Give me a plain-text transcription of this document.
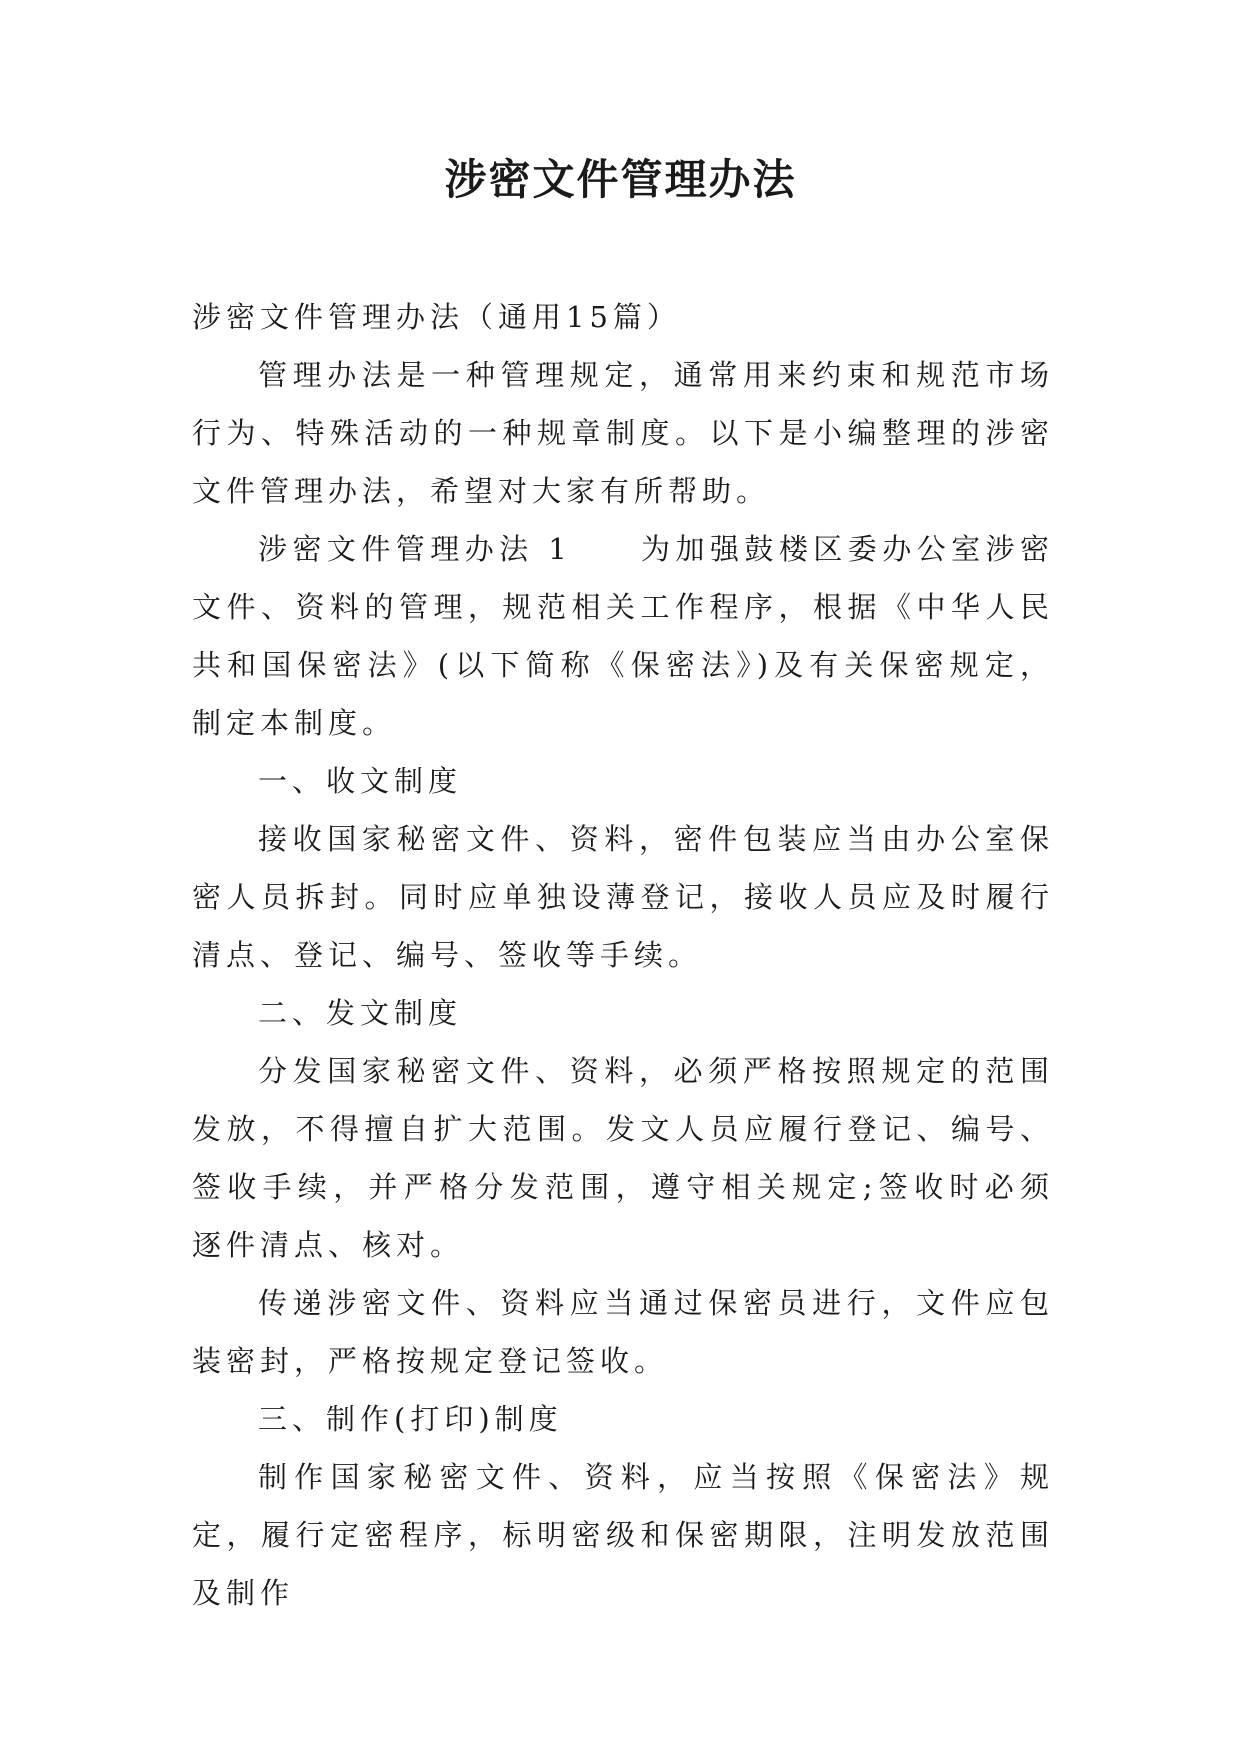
涉密文件管理办法

涉密文件管理办法（通用15篇）

管理办法是一种管理规定，通常用来约束和规范市场行为、特殊活动的一种规章制度。以下是小编整理的涉密文件管理办法，希望对大家有所帮助。

涉密文件管理办法 1　　为加强鼓楼区委办公室涉密文件、资料的管理，规范相关工作程序，根据《中华人民共和国保密法》(以下简称《保密法》)及有关保密规定，制定本制度。

一、收文制度

接收国家秘密文件、资料，密件包装应当由办公室保密人员拆封。同时应单独设薄登记，接收人员应及时履行清点、登记、编号、签收等手续。

二、发文制度

分发国家秘密文件、资料，必须严格按照规定的范围发放，不得擅自扩大范围。发文人员应履行登记、编号、签收手续，并严格分发范围，遵守相关规定;签收时必须逐件清点、核对。

传递涉密文件、资料应当通过保密员进行，文件应包装密封，严格按规定登记签收。

三、制作(打印)制度

制作国家秘密文件、资料，应当按照《保密法》规定，履行定密程序，标明密级和保密期限，注明发放范围及制作
